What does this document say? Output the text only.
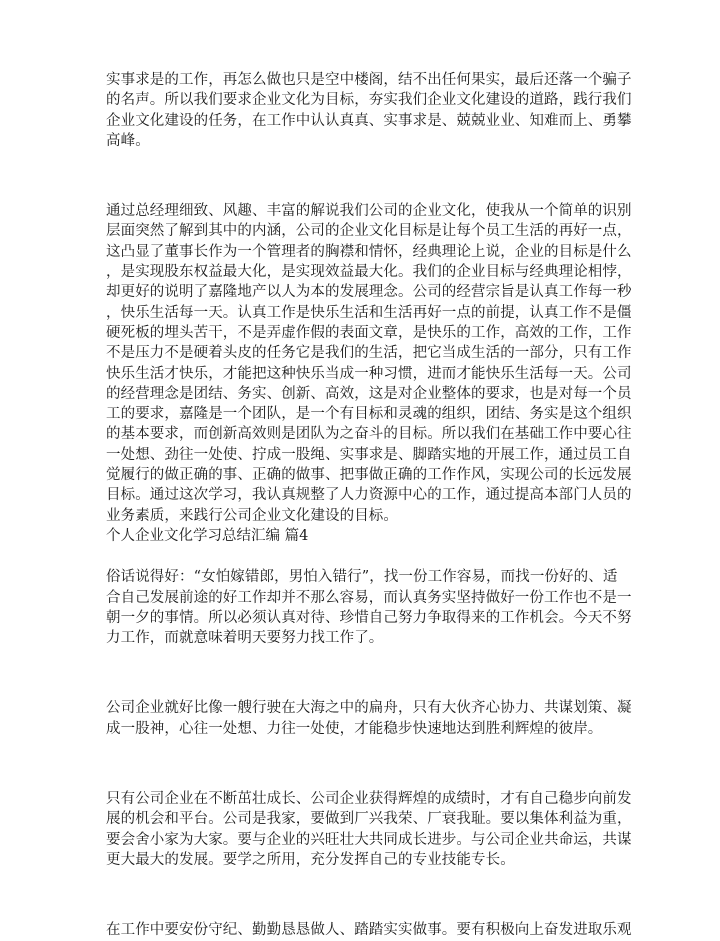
实事求是的工作，再怎么做也只是空中楼阁，结不出任何果实，最后还落一个骗子

的名声。所以我们要求企业文化为目标，夯实我们企业文化建设的道路，践行我们

企业文化建设的任务，在工作中认认真真、实事求是、兢兢业业、知难而上、勇攀

高峰。

通过总经理细致、风趣、丰富的解说我们公司的企业文化，使我从一个简单的识别

层面突然了解到其中的内涵，公司的企业文化目标是让每个员工生活的再好一点，

这凸显了董事长作为一个管理者的胸襟和情怀，经典理论上说，企业的目标是什么

，是实现股东权益最大化，是实现效益最大化。我们的企业目标与经典理论相悖，

却更好的说明了嘉隆地产以人为本的发展理念。公司的经营宗旨是认真工作每一秒

，快乐生活每一天。认真工作是快乐生活和生活再好一点的前提，认真工作不是僵

硬死板的埋头苦干，不是弄虚作假的表面文章，是快乐的工作，高效的工作，工作

不是压力不是硬着头皮的任务它是我们的生活，把它当成生活的一部分，只有工作

快乐生活才快乐，才能把这种快乐当成一种习惯，进而才能快乐生活每一天。公司

的经营理念是团结、务实、创新、高效，这是对企业整体的要求，也是对每一个员

工的要求，嘉隆是一个团队，是一个有目标和灵魂的组织，团结、务实是这个组织

的基本要求，而创新高效则是团队为之奋斗的目标。所以我们在基础工作中要心往

一处想、劲往一处使、拧成一股绳、实事求是、脚踏实地的开展工作，通过员工自

觉履行的做正确的事、正确的做事、把事做正确的工作作风，实现公司的长远发展

目标。通过这次学习，我认真规整了人力资源中心的工作，通过提高本部门人员的

业务素质，来践行公司企业文化建设的目标。

个人企业文化学习总结汇编 篇4

俗话说得好：“女怕嫁错郎，男怕入错行”，找一份工作容易，而找一份好的、适

合自己发展前途的好工作却并不那么容易，而认真务实坚持做好一份工作也不是一

朝一夕的事情。所以必须认真对待、珍惜自己努力争取得来的工作机会。今天不努

力工作，而就意味着明天要努力找工作了。

公司企业就好比像一艘行驶在大海之中的扁舟，只有大伙齐心协力、共谋划策、凝

成一股神，心往一处想、力往一处使，才能稳步快速地达到胜利辉煌的彼岸。

只有公司企业在不断茁壮成长、公司企业获得辉煌的成绩时，才有自己稳步向前发

展的机会和平台。公司是我家，要做到厂兴我荣、厂衰我耻。要以集体利益为重，

要会舍小家为大家。要与企业的兴旺壮大共同成长进步。与公司企业共命运，共谋

更大最大的发展。要学之所用，充分发挥自己的专业技能专长。

在工作中要安份守纪、勤勤恳恳做人、踏踏实实做事。要有积极向上奋发进取乐观
